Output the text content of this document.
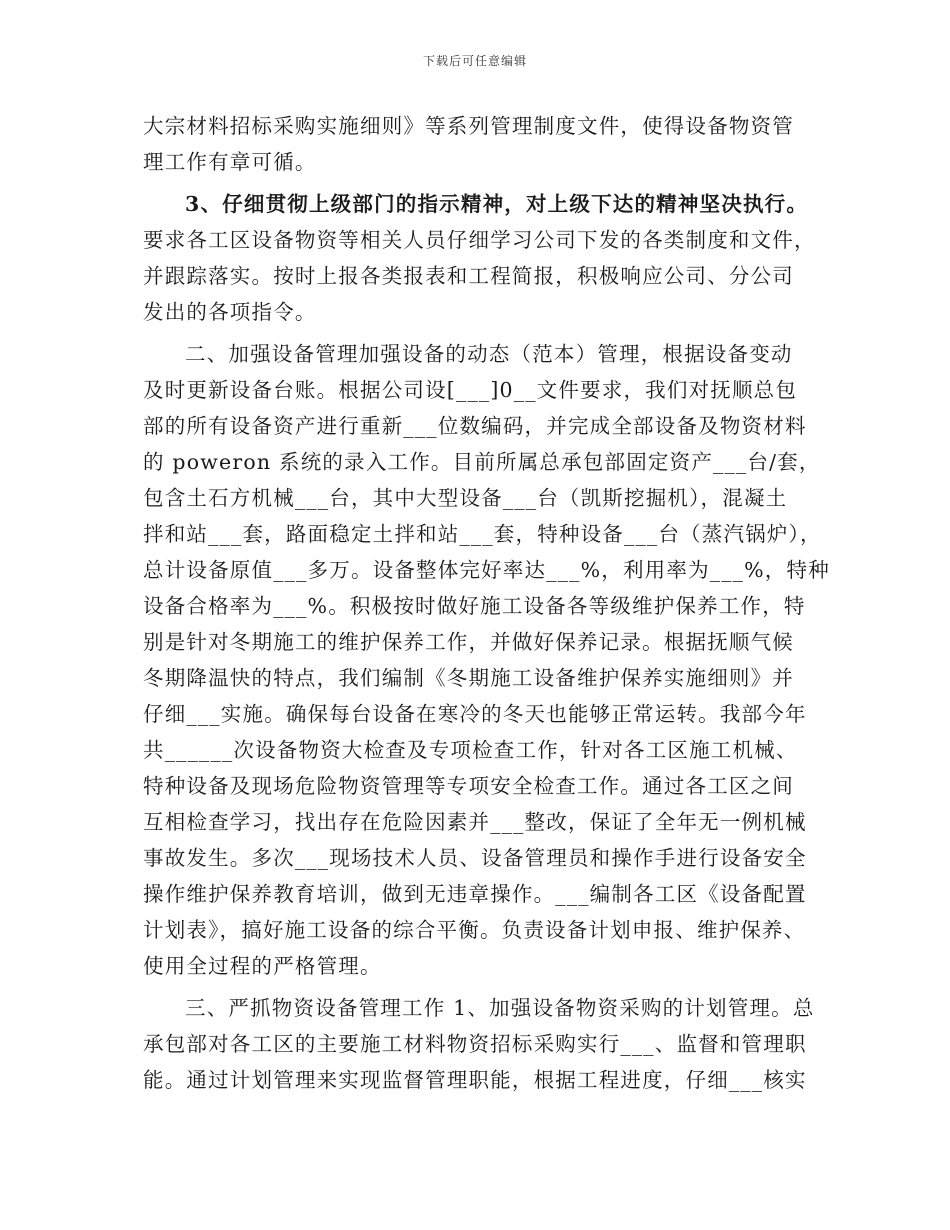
下载后可任意编辑
大宗材料招标采购实施细则》等系列管理制度文件，使得设备物资管
理工作有章可循。
3、仔细贯彻上级部门的指示精神，对上级下达的精神坚决执行。
要求各工区设备物资等相关人员仔细学习公司下发的各类制度和文件，
并跟踪落实。按时上报各类报表和工程简报，积极响应公司、分公司
发出的各项指令。
二、加强设备管理加强设备的动态（范本）管理，根据设备变动
及时更新设备台账。根据公司设[___]0__文件要求，我们对抚顺总包
部的所有设备资产进行重新___位数编码，并完成全部设备及物资材料
的 poweron 系统的录入工作。目前所属总承包部固定资产___台/套，
包含土石方机械___台，其中大型设备___台（凯斯挖掘机），混凝土
拌和站___套，路面稳定土拌和站___套，特种设备___台（蒸汽锅炉），
总计设备原值___多万。设备整体完好率达___%，利用率为___%，特种
设备合格率为___%。积极按时做好施工设备各等级维护保养工作，特
别是针对冬期施工的维护保养工作，并做好保养记录。根据抚顺气候
冬期降温快的特点，我们编制《冬期施工设备维护保养实施细则》并
仔细___实施。确保每台设备在寒冷的冬天也能够正常运转。我部今年
共______次设备物资大检查及专项检查工作，针对各工区施工机械、
特种设备及现场危险物资管理等专项安全检查工作。通过各工区之间
互相检查学习，找出存在危险因素并___整改，保证了全年无一例机械
事故发生。多次___现场技术人员、设备管理员和操作手进行设备安全
操作维护保养教育培训，做到无违章操作。___编制各工区《设备配置
计划表》，搞好施工设备的综合平衡。负责设备计划申报、维护保养、
使用全过程的严格管理。
三、严抓物资设备管理工作 1、加强设备物资采购的计划管理。总
承包部对各工区的主要施工材料物资招标采购实行___、监督和管理职
能。通过计划管理来实现监督管理职能，根据工程进度，仔细___核实
